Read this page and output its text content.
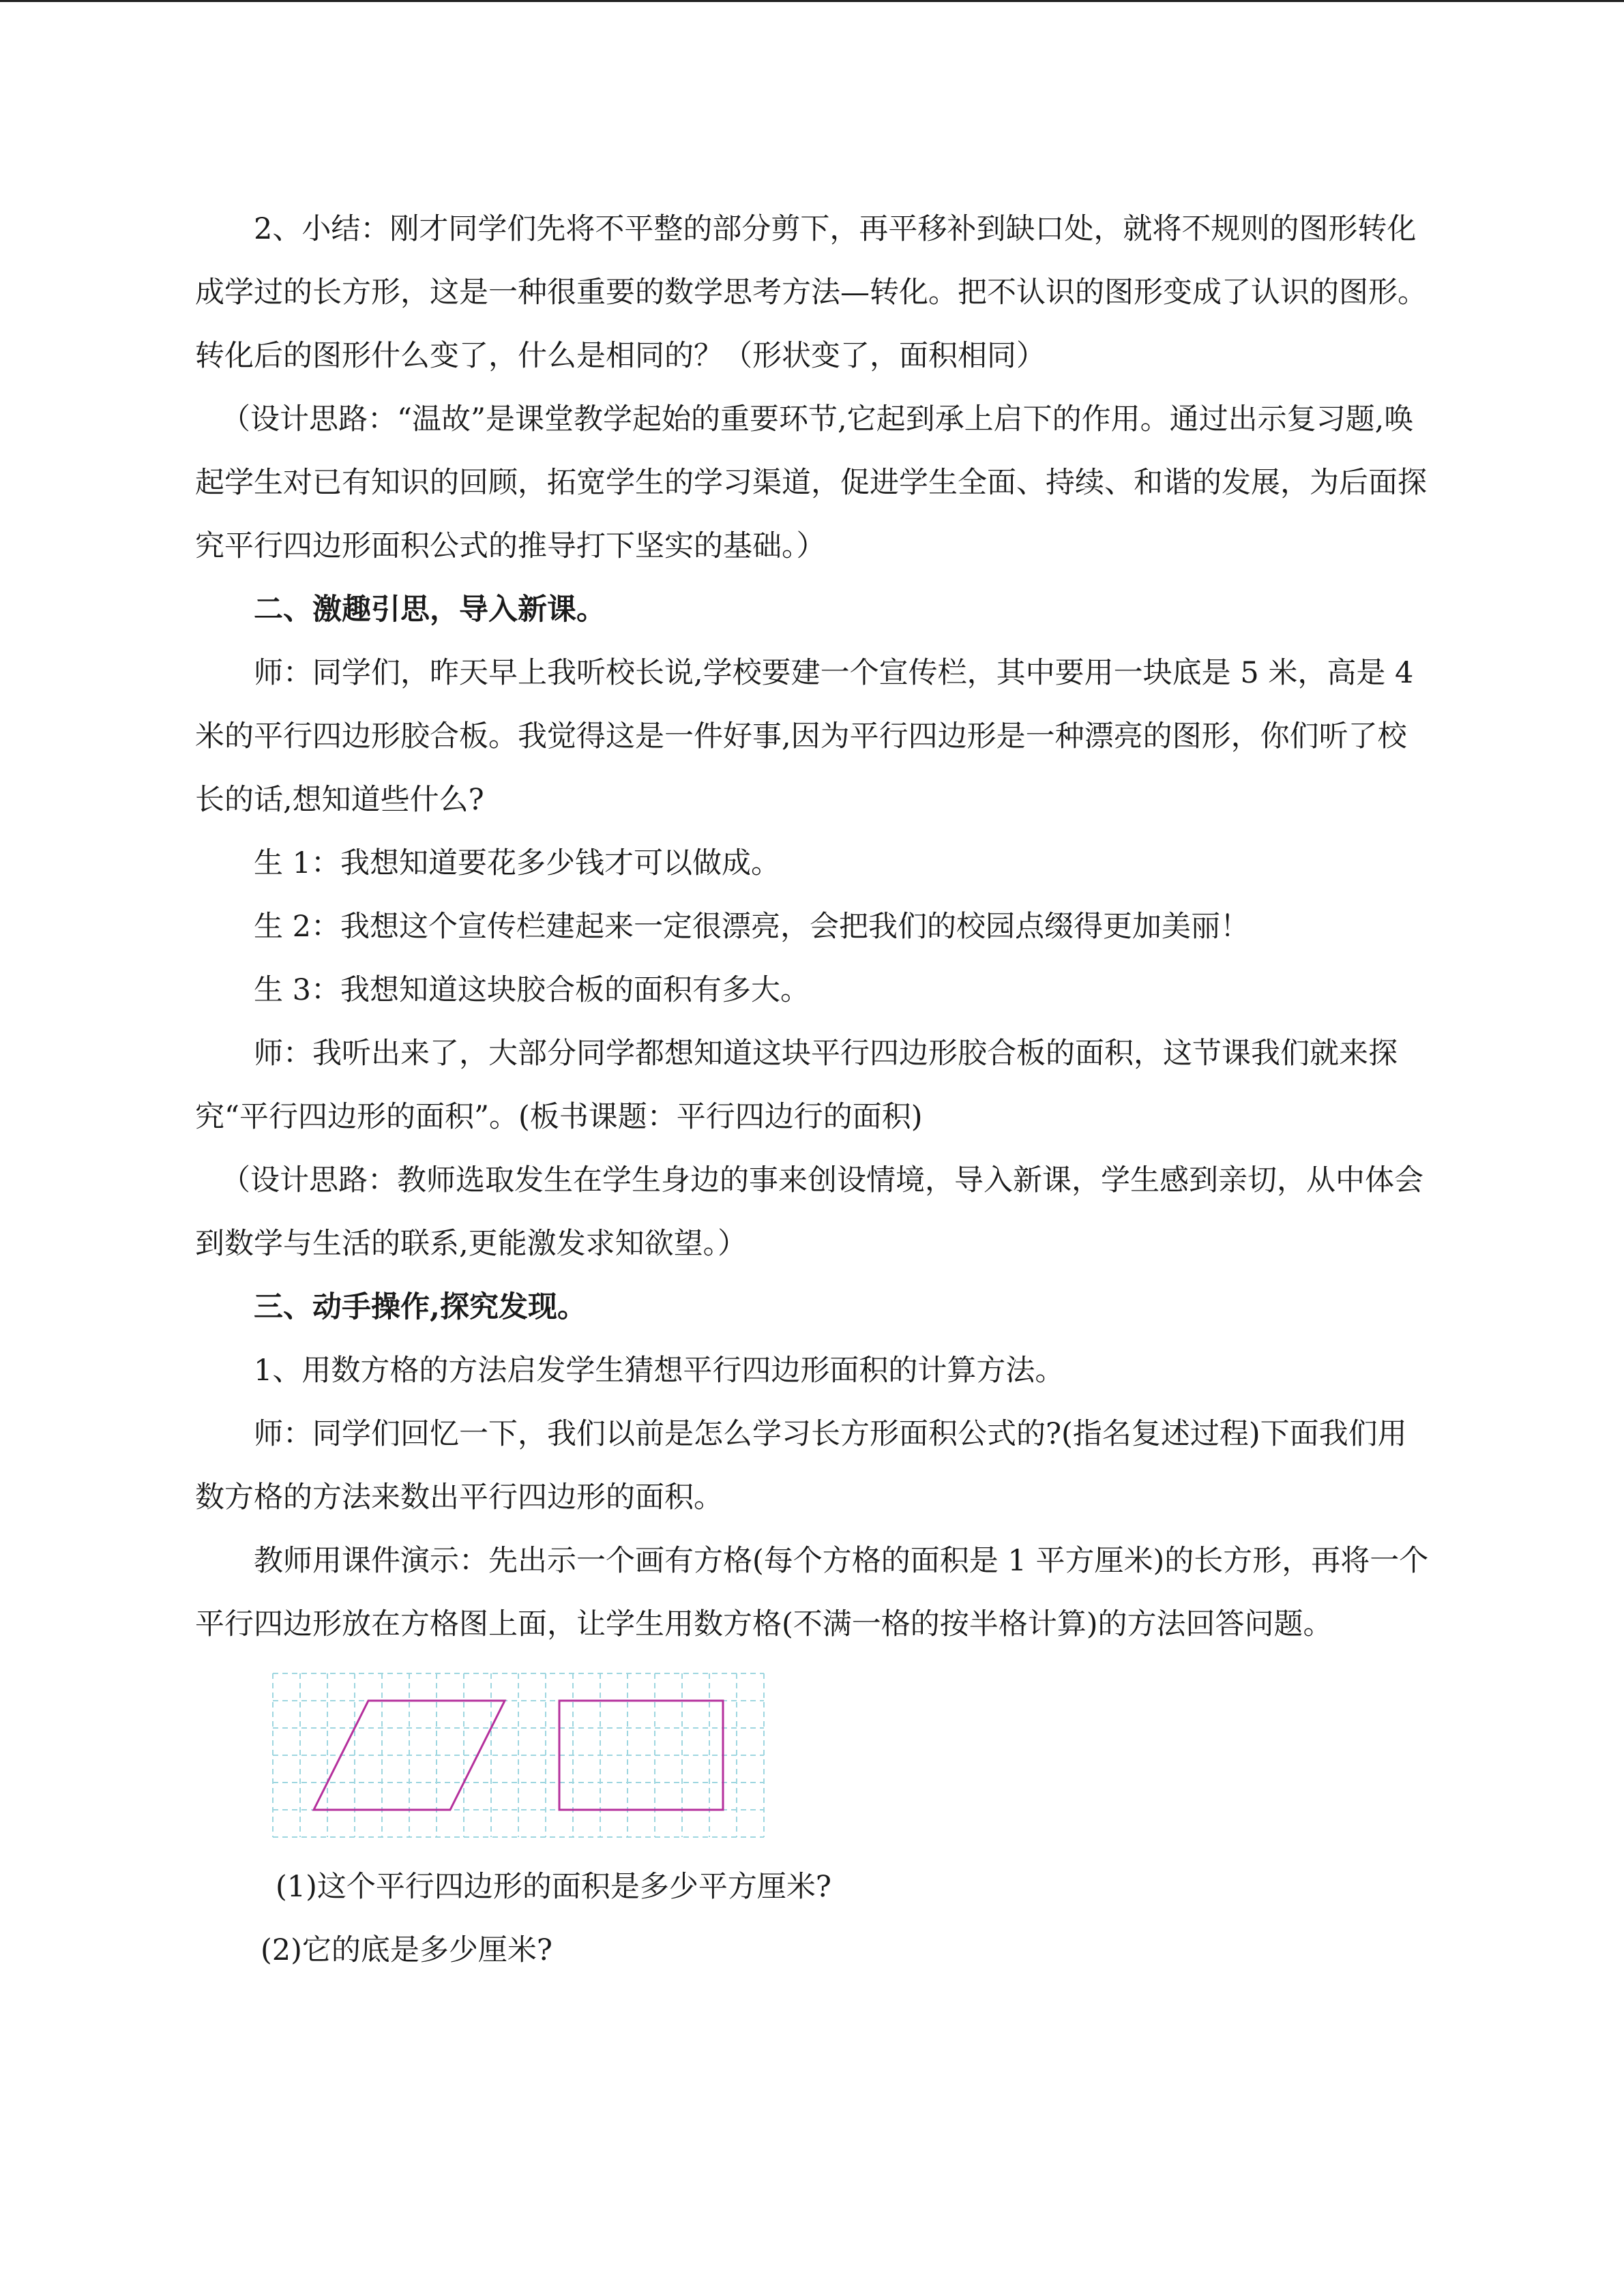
2、小结：刚才同学们先将不平整的部分剪下，再平移补到缺口处，就将不规则的图形转化成学过的长方形，这是一种很重要的数学思考方法—转化。把不认识的图形变成了认识的图形。转化后的图形什么变了，什么是相同的？（形状变了，面积相同）

（设计思路：“温故”是课堂教学起始的重要环节,它起到承上启下的作用。通过出示复习题,唤起学生对已有知识的回顾，拓宽学生的学习渠道，促进学生全面、持续、和谐的发展，为后面探究平行四边形面积公式的推导打下坚实的基础。）

二、激趣引思，导入新课。

师：同学们，昨天早上我听校长说,学校要建一个宣传栏，其中要用一块底是 5 米，高是 4 米的平行四边形胶合板。我觉得这是一件好事,因为平行四边形是一种漂亮的图形，你们听了校长的话,想知道些什么?

生 1：我想知道要花多少钱才可以做成。

生 2：我想这个宣传栏建起来一定很漂亮，会把我们的校园点缀得更加美丽！

生 3：我想知道这块胶合板的面积有多大。

师：我听出来了，大部分同学都想知道这块平行四边形胶合板的面积，这节课我们就来探究“平行四边形的面积”。(板书课题：平行四边行的面积)

（设计思路：教师选取发生在学生身边的事来创设情境，导入新课，学生感到亲切，从中体会到数学与生活的联系,更能激发求知欲望。）

三、动手操作,探究发现。

1、用数方格的方法启发学生猜想平行四边形面积的计算方法。

师：同学们回忆一下，我们以前是怎么学习长方形面积公式的?(指名复述过程)下面我们用数方格的方法来数出平行四边形的面积。

教师用课件演示：先出示一个画有方格(每个方格的面积是 1 平方厘米)的长方形，再将一个平行四边形放在方格图上面，让学生用数方格(不满一格的按半格计算)的方法回答问题。

(1)这个平行四边形的面积是多少平方厘米?

(2)它的底是多少厘米?
